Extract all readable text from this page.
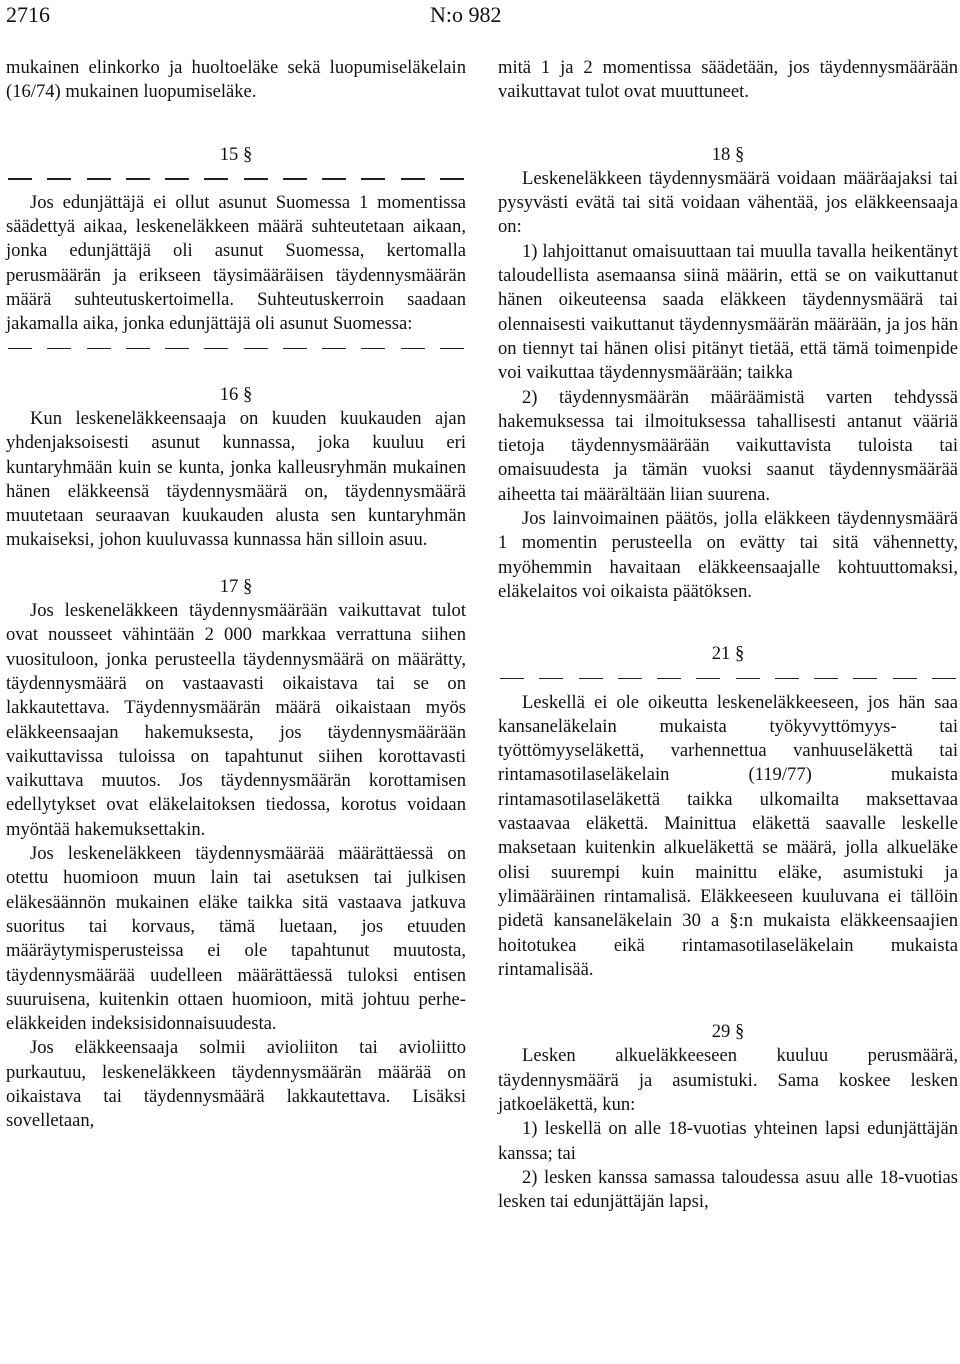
2716	N:o 982

mukainen elinkorko ja huoltoeläke sekä luopumiseläkelain (16/74) mukainen luopumiseläke.

15 §

Jos edunjättäjä ei ollut asunut Suomessa 1 momentissa säädettyä aikaa, leskeneläkkeen määrä suhteutetaan aikaan, jonka edunjättäjä oli asunut Suomessa, kertomalla perusmäärän ja erikseen täysimääräisen täydennysmäärän määrä suhteutuskertoimella. Suhteutuskerroin saadaan jakamalla aika, jonka edunjättäjä oli asunut Suomessa:

16 §

Kun leskeneläkkeensaaja on kuuden kuukauden ajan yhdenjaksoisesti asunut kunnassa, joka kuuluu eri kuntaryhmään kuin se kunta, jonka kalleusryhmän mukainen hänen eläkkeensä täydennysmäärä on, täydennysmäärä muutetaan seuraavan kuukauden alusta sen kuntaryhmän mukaiseksi, johon kuuluvassa kunnassa hän silloin asuu.

17 §

Jos leskeneläkkeen täydennysmäärään vaikuttavat tulot ovat nousseet vähintään 2 000 markkaa verrattuna siihen vuosituloon, jonka perusteella täydennysmäärä on määrätty, täydennysmäärä on vastaavasti oikaistava tai se on lakkautettava. Täydennysmäärän määrä oikaistaan myös eläkkeensaajan hakemuksesta, jos täydennysmäärään vaikuttavissa tuloissa on tapahtunut siihen korottavasti vaikuttava muutos. Jos täydennysmäärän korottamisen edellytykset ovat eläkelaitoksen tiedossa, korotus voidaan myöntää hakemuksettakin.

Jos leskeneläkkeen täydennysmäärää määrättäessä on otettu huomioon muun lain tai asetuksen tai julkisen eläkesäännön mukainen eläke taikka sitä vastaava jatkuva suoritus tai korvaus, tämä luetaan, jos etuuden määräytymisperusteissa ei ole tapahtunut muutosta, täydennysmäärää uudelleen määrättäessä tuloksi entisen suuruisena, kuitenkin ottaen huomioon, mitä johtuu perhe-eläkkeiden indeksisidonnaisuudesta.

Jos eläkkeensaaja solmii avioliiton tai avioliitto purkautuu, leskeneläkkeen täydennysmäärän määrää on oikaistava tai täydennysmäärä lakkautettava. Lisäksi sovelletaan,

mitä 1 ja 2 momentissa säädetään, jos täydennysmäärään vaikuttavat tulot ovat muuttuneet.

18 §

Leskeneläkkeen täydennysmäärä voidaan määräajaksi tai pysyvästi evätä tai sitä voidaan vähentää, jos eläkkeensaaja on:

1) lahjoittanut omaisuuttaan tai muulla tavalla heikentänyt taloudellista asemaansa siinä määrin, että se on vaikuttanut hänen oikeuteensa saada eläkkeen täydennysmäärä tai olennaisesti vaikuttanut täydennysmäärän määrään, ja jos hän on tiennyt tai hänen olisi pitänyt tietää, että tämä toimenpide voi vaikuttaa täydennysmäärään; taikka

2) täydennysmäärän määräämistä varten tehdyssä hakemuksessa tai ilmoituksessa tahallisesti antanut vääriä tietoja täydennysmäärään vaikuttavista tuloista tai omaisuudesta ja tämän vuoksi saanut täydennysmäärää aiheetta tai määrältään liian suurena.

Jos lainvoimainen päätös, jolla eläkkeen täydennysmäärä 1 momentin perusteella on evätty tai sitä vähennetty, myöhemmin havaitaan eläkkeensaajalle kohtuuttomaksi, eläkelaitos voi oikaista päätöksen.

21 §

Leskellä ei ole oikeutta leskeneläkkeeseen, jos hän saa kansaneläkelain mukaista työkyvyttömyys- tai työttömyyseläkettä, varhennettua vanhuuseläkettä tai rintamasotilaseläkelain (119/77) mukaista rintamasotilaseläkettä taikka ulkomailta maksettavaa vastaavaa eläkettä. Mainittua eläkettä saavalle leskelle maksetaan kuitenkin alkueläkettä se määrä, jolla alkueläke olisi suurempi kuin mainittu eläke, asumistuki ja ylimääräinen rintamalisä. Eläkkeeseen kuuluvana ei tällöin pidetä kansaneläkelain 30 a §:n mukaista eläkkeensaajien hoitotukea eikä rintamasotilaseläkelain mukaista rintamalisää.

29 §

Lesken alkueläkkeeseen kuuluu perusmäärä, täydennysmäärä ja asumistuki. Sama koskee lesken jatkoeläkettä, kun:

1) leskellä on alle 18-vuotias yhteinen lapsi edunjättäjän kanssa; tai

2) lesken kanssa samassa taloudessa asuu alle 18-vuotias lesken tai edunjättäjän lapsi,
